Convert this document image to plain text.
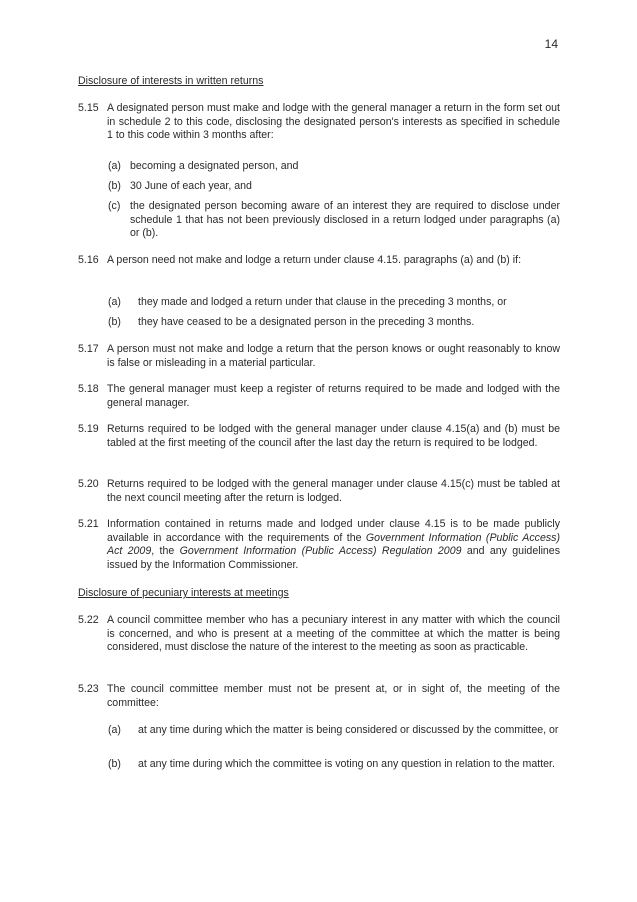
14
Disclosure of interests in written returns
5.15 A designated person must make and lodge with the general manager a return in the form set out in schedule 2 to this code, disclosing the designated person's interests as specified in schedule 1 to this code within 3 months after:
(a) becoming a designated person, and
(b) 30 June of each year, and
(c) the designated person becoming aware of an interest they are required to disclose under schedule 1 that has not been previously disclosed in a return lodged under paragraphs (a) or (b).
5.16 A person need not make and lodge a return under clause 4.15. paragraphs (a) and (b) if:
(a) they made and lodged a return under that clause in the preceding 3 months, or
(b) they have ceased to be a designated person in the preceding 3 months.
5.17 A person must not make and lodge a return that the person knows or ought reasonably to know is false or misleading in a material particular.
5.18 The general manager must keep a register of returns required to be made and lodged with the general manager.
5.19 Returns required to be lodged with the general manager under clause 4.15(a) and (b) must be tabled at the first meeting of the council after the last day the return is required to be lodged.
5.20 Returns required to be lodged with the general manager under clause 4.15(c) must be tabled at the next council meeting after the return is lodged.
5.21 Information contained in returns made and lodged under clause 4.15 is to be made publicly available in accordance with the requirements of the Government Information (Public Access) Act 2009, the Government Information (Public Access) Regulation 2009 and any guidelines issued by the Information Commissioner.
Disclosure of pecuniary interests at meetings
5.22 A council committee member who has a pecuniary interest in any matter with which the council is concerned, and who is present at a meeting of the committee at which the matter is being considered, must disclose the nature of the interest to the meeting as soon as practicable.
5.23 The council committee member must not be present at, or in sight of, the meeting of the committee:
(a) at any time during which the matter is being considered or discussed by the committee, or
(b) at any time during which the committee is voting on any question in relation to the matter.
